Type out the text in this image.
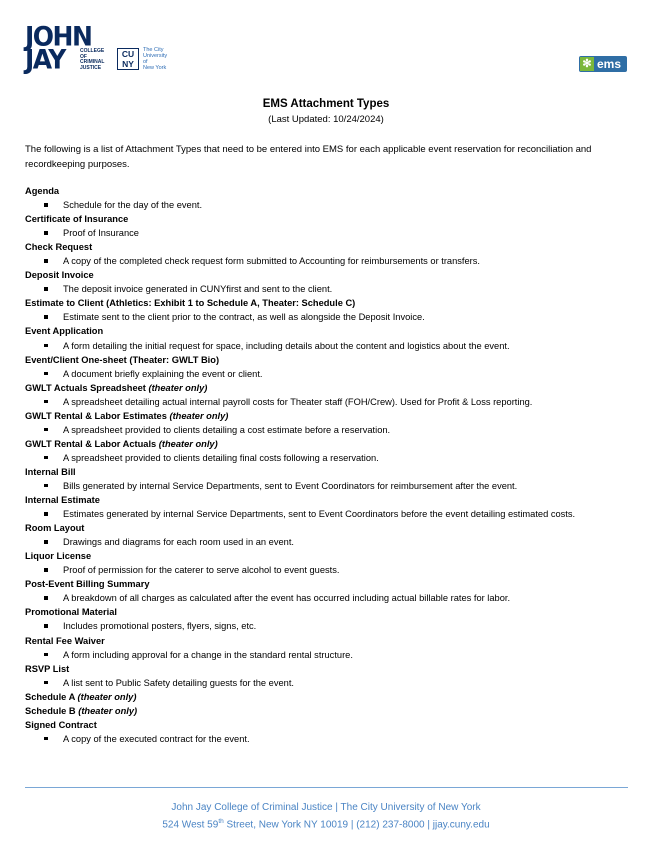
JOHN
JAY	COLLEGE
OF
CRIMINAL
JUSTICE
CU
NY
The City
University
of
New York	✻ ems
EMS Attachment Types
(Last Updated: 10/24/2024)
The following is a list of Attachment Types that need to be entered into EMS for each applicable event reservation for reconciliation and recordkeeping purposes.
Agenda
Schedule for the day of the event.
Certificate of Insurance
Proof of Insurance
Check Request
A copy of the completed check request form submitted to Accounting for reimbursements or transfers.
Deposit Invoice
The deposit invoice generated in CUNYfirst and sent to the client.
Estimate to Client (Athletics: Exhibit 1 to Schedule A, Theater: Schedule C)
Estimate sent to the client prior to the contract, as well as alongside the Deposit Invoice.
Event Application
A form detailing the initial request for space, including details about the content and logistics about the event.
Event/Client One-sheet (Theater: GWLT Bio)
A document briefly explaining the event or client.
GWLT Actuals Spreadsheet (theater only)
A spreadsheet detailing actual internal payroll costs for Theater staff (FOH/Crew). Used for Profit & Loss reporting.
GWLT Rental & Labor Estimates (theater only)
A spreadsheet provided to clients detailing a cost estimate before a reservation.
GWLT Rental & Labor Actuals (theater only)
A spreadsheet provided to clients detailing final costs following a reservation.
Internal Bill
Bills generated by internal Service Departments, sent to Event Coordinators for reimbursement after the event.
Internal Estimate
Estimates generated by internal Service Departments, sent to Event Coordinators before the event detailing estimated costs.
Room Layout
Drawings and diagrams for each room used in an event.
Liquor License
Proof of permission for the caterer to serve alcohol to event guests.
Post-Event Billing Summary
A breakdown of all charges as calculated after the event has occurred including actual billable rates for labor.
Promotional Material
Includes promotional posters, flyers, signs, etc.
Rental Fee Waiver
A form including approval for a change in the standard rental structure.
RSVP List
A list sent to Public Safety detailing guests for the event.
Schedule A (theater only)
Schedule B (theater only)
Signed Contract
A copy of the executed contract for the event.
John Jay College of Criminal Justice | The City University of New York
524 West 59th Street, New York NY 10019 | (212) 237-8000 | jjay.cuny.edu
